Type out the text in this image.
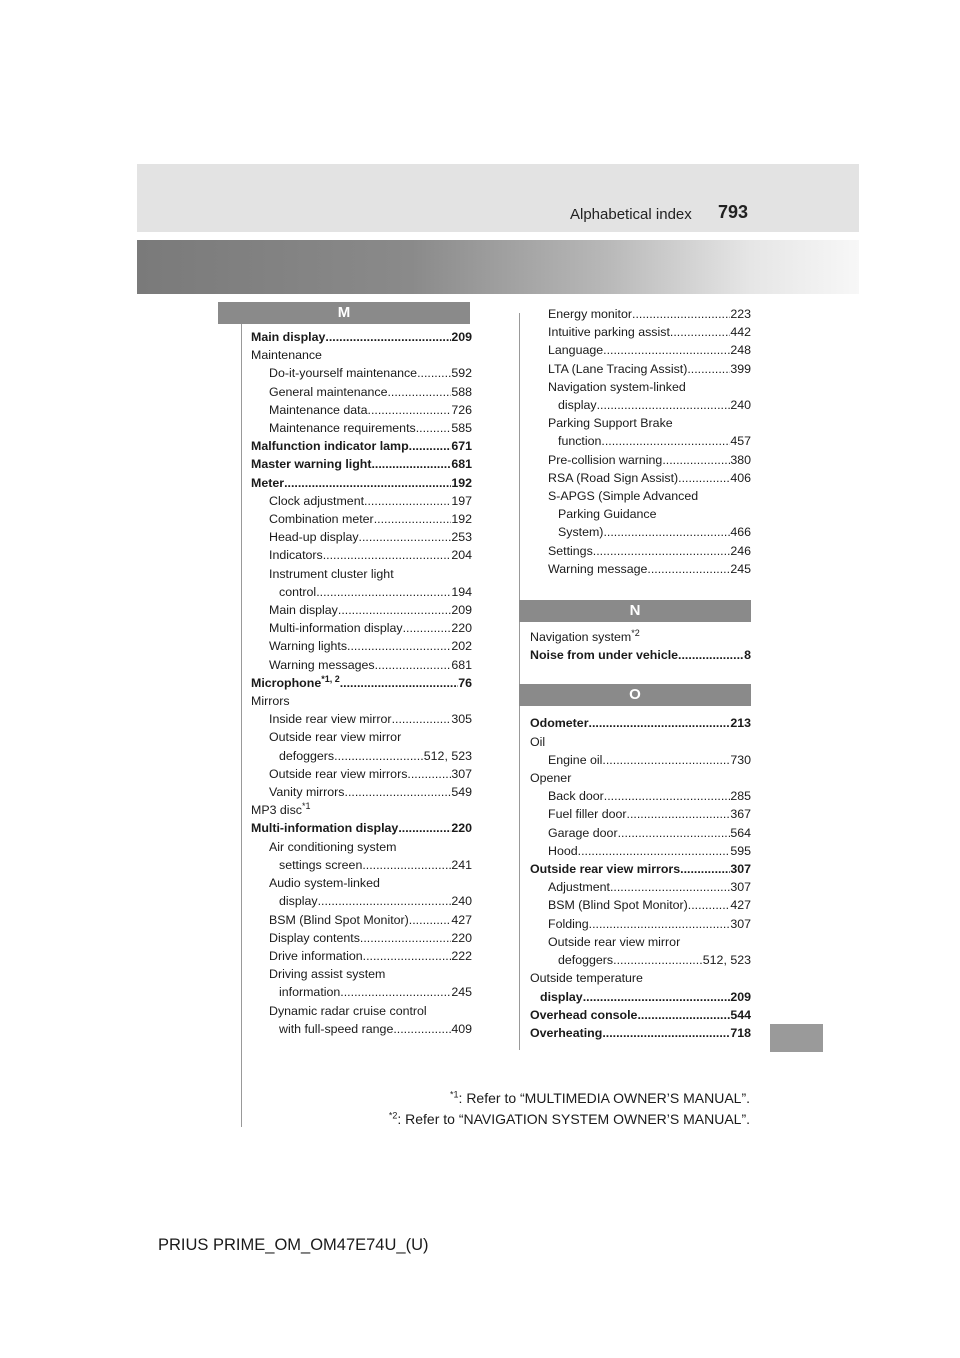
Alphabetical index 793
M
Main display .....	209
Maintenance
Do-it-yourself maintenance .....	592
General maintenance .....	588
Maintenance data .....	726
Maintenance requirements .....	585
Malfunction indicator lamp .....	671
Master warning light .....	681
Meter .....	192
Clock adjustment .....	197
Combination meter .....	192
Head-up display .....	253
Indicators .....	204
Instrument cluster light
control .....	194
Main display .....	209
Multi-information display .....	220
Warning lights .....	202
Warning messages .....	681
Microphone$^{*1, 2}$ .....	76
Mirrors
Inside rear view mirror .....	305
Outside rear view mirror
defoggers .....	512, 523
Outside rear view mirrors .....	307
Vanity mirrors .....	549
MP3 disc$^{*1}$
Multi-information display .....	220
Air conditioning system
settings screen .....	241
Audio system-linked
display .....	240
BSM (Blind Spot Monitor) .....	427
Display contents .....	220
Drive information .....	222
Driving assist system
information .....	245
Dynamic radar cruise control
with full-speed range .....	409
Energy monitor .....	223
Intuitive parking assist .....	442
Language .....	248
LTA (Lane Tracing Assist) .....	399
Navigation system-linked
display .....	240
Parking Support Brake
function .....	457
Pre-collision warning .....	380
RSA (Road Sign Assist) .....	406
S-APGS (Simple Advanced
Parking Guidance
System) .....	466
Settings .....	246
Warning message .....	245
N
Navigation system$^{*2}$
Noise from under vehicle .....	8
O
Odometer .....	213
Oil
Engine oil .....	730
Opener
Back door .....	285
Fuel filler door .....	367
Garage door .....	564
Hood .....	595
Outside rear view mirrors .....	307
Adjustment .....	307
BSM (Blind Spot Monitor) .....	427
Folding .....	307
Outside rear view mirror
defoggers .....	512, 523
Outside temperature
display .....	209
Overhead console .....	544
Overheating .....	718
$^{*1}$: Refer to “MULTIMEDIA OWNER’S MANUAL”.
$^{*2}$: Refer to “NAVIGATION SYSTEM OWNER’S MANUAL”.
PRIUS PRIME_OM_OM47E74U_(U)
